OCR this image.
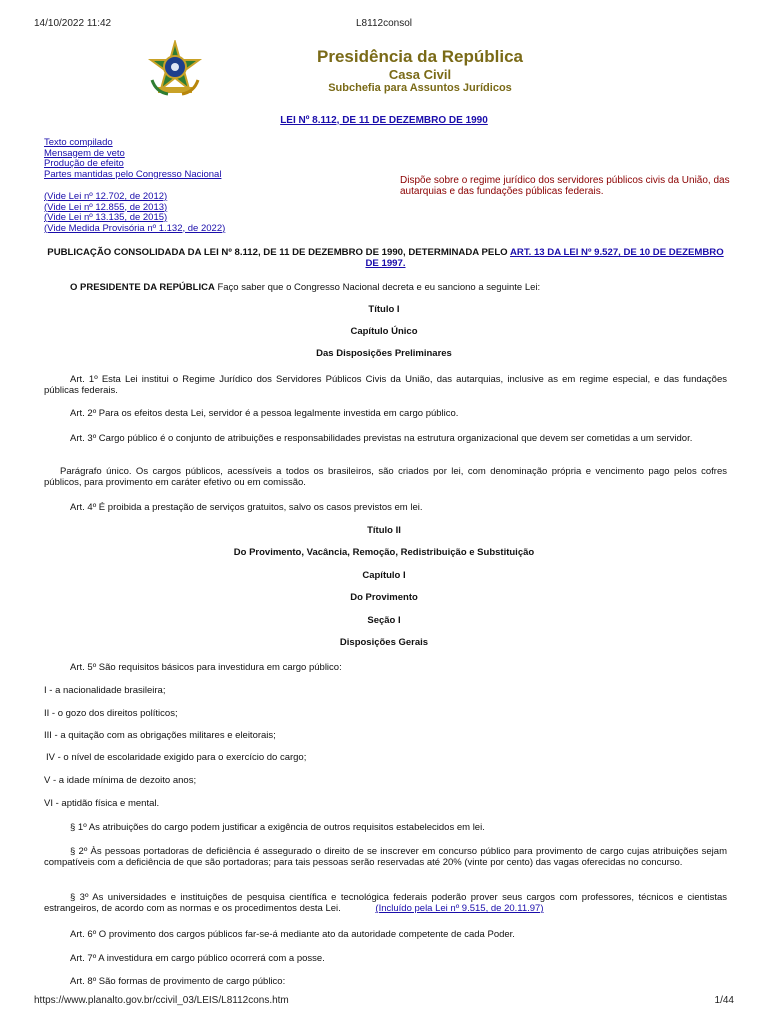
14/10/2022 11:42	L8112consol
Presidência da República
Casa Civil
Subchefia para Assuntos Jurídicos
LEI Nº 8.112, DE 11 DE DEZEMBRO DE 1990
Texto compilado
Mensagem de veto
Produção de efeito
Partes mantidas pelo Congresso Nacional
(Vide Lei nº 12.702, de 2012)
(Vide Lei nº 12.855, de 2013)
(Vide Lei nº 13.135, de 2015)
(Vide Medida Provisória nº 1.132, de 2022)
Dispõe sobre o regime jurídico dos servidores públicos civis da União, das autarquias e das fundações públicas federais.
PUBLICAÇÃO CONSOLIDADA DA LEI Nº 8.112, DE 11 DE DEZEMBRO DE 1990, DETERMINADA PELO ART. 13 DA LEI Nº 9.527, DE 10 DE DEZEMBRO DE 1997.
O PRESIDENTE DA REPÚBLICA Faço saber que o Congresso Nacional decreta e eu sanciono a seguinte Lei:
Título I
Capítulo Único
Das Disposições Preliminares
Art. 1º Esta Lei institui o Regime Jurídico dos Servidores Públicos Civis da União, das autarquias, inclusive as em regime especial, e das fundações públicas federais.
Art. 2º Para os efeitos desta Lei, servidor é a pessoa legalmente investida em cargo público.
Art. 3º Cargo público é o conjunto de atribuições e responsabilidades previstas na estrutura organizacional que devem ser cometidas a um servidor.
Parágrafo único. Os cargos públicos, acessíveis a todos os brasileiros, são criados por lei, com denominação própria e vencimento pago pelos cofres públicos, para provimento em caráter efetivo ou em comissão.
Art. 4º É proibida a prestação de serviços gratuitos, salvo os casos previstos em lei.
Título II
Do Provimento, Vacância, Remoção, Redistribuição e Substituição
Capítulo I
Do Provimento
Seção I
Disposições Gerais
Art. 5º São requisitos básicos para investidura em cargo público:
I - a nacionalidade brasileira;
II - o gozo dos direitos políticos;
III - a quitação com as obrigações militares e eleitorais;
IV - o nível de escolaridade exigido para o exercício do cargo;
V - a idade mínima de dezoito anos;
VI - aptidão física e mental.
§ 1º As atribuições do cargo podem justificar a exigência de outros requisitos estabelecidos em lei.
§ 2º Às pessoas portadoras de deficiência é assegurado o direito de se inscrever em concurso público para provimento de cargo cujas atribuições sejam compatíveis com a deficiência de que são portadoras; para tais pessoas serão reservadas até 20% (vinte por cento) das vagas oferecidas no concurso.
§ 3º As universidades e instituições de pesquisa científica e tecnológica federais poderão prover seus cargos com professores, técnicos e cientistas estrangeiros, de acordo com as normas e os procedimentos desta Lei.	(Incluído pela Lei nº 9.515, de 20.11.97)
Art. 6º O provimento dos cargos públicos far-se-á mediante ato da autoridade competente de cada Poder.
Art. 7º A investidura em cargo público ocorrerá com a posse.
Art. 8º São formas de provimento de cargo público:
https://www.planalto.gov.br/ccivil_03/LEIS/L8112cons.htm	1/44
